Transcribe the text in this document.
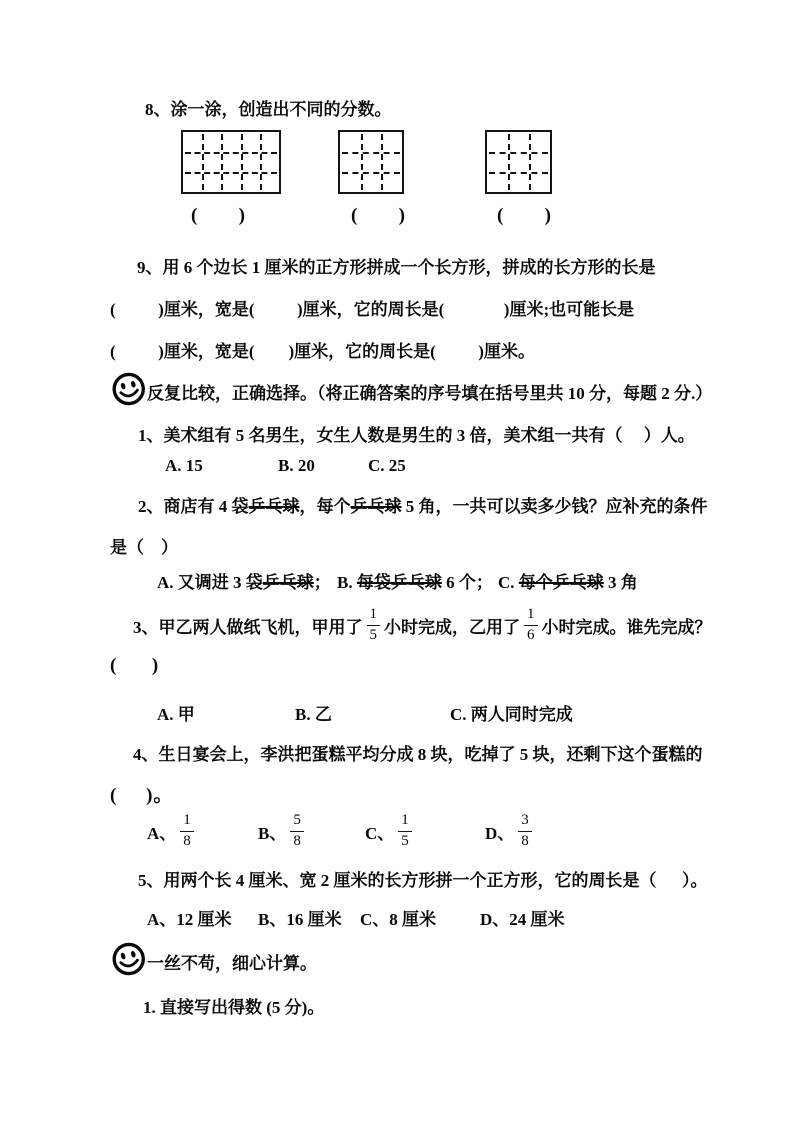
8、涂一涂，创造出不同的分数。
(       )	(       )	(       )
9、用 6 个边长 1 厘米的正方形拼成一个长方形，拼成的长方形的长是
(          )厘米，宽是(          )厘米，它的周长是(              )厘米;也可能长是
(          )厘米，宽是(        )厘米，它的周长是(          )厘米。
反复比较，正确选择。（将正确答案的序号填在括号里共 10 分，每题 2 分.）
1、美术组有 5 名男生，女生人数是男生的 3 倍，美术组一共有（     ）人。
A. 15	B. 20	C. 25
2、商店有 4 袋乒乓球，每个乒乓球 5 角，一共可以卖多少钱？应补充的条件
是（    ）
A. 又调进 3 袋乒乓球； B. 每袋乒乓球 6 个； C. 每个乒乓球 3 角
3、甲乙两人做纸飞机，甲用了 $\frac{1}{5}$ 小时完成，乙用了 $\frac{1}{6}$ 小时完成。谁先完成？
(      )
A. 甲	B. 乙	C. 两人同时完成
4、生日宴会上，李洪把蛋糕平均分成 8 块，吃掉了 5 块，还剩下这个蛋糕的
(     )。
A、 $\frac{1}{8}$	B、 $\frac{5}{8}$	C、 $\frac{1}{5}$	D、 $\frac{3}{8}$
5、用两个长 4 厘米、宽 2 厘米的长方形拼一个正方形，它的周长是（      ）。
A、12 厘米 B、16 厘米 C、8 厘米	D、24 厘米
一丝不苟，细心计算。
1. 直接写出得数 (5 分)。
